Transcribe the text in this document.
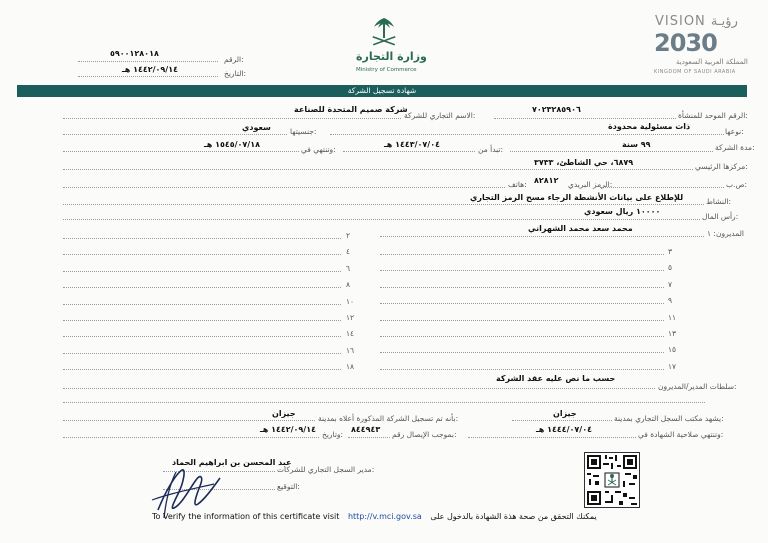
٥٩٠٠١٢٨٠١٨
الرقم:
١٤٤٢/٠٩/١٤ هـ	التاريخ:
وزارة التجارة
Ministry of Commerce
VISION رؤيـة
2030
المملكة العربية السعودية
KINGDOM OF SAUDI ARABIA
شهادة تسجيل الشركة
الرقم الموحد للمنشأة:
٧٠٢٣٢٨٥٩٠٦
الاسم التجاري للشركة:
شركة صميم المتحدة للصناعة
نوعها:
ذات مسئولية محدودة
جنسيتها:
سعودي
مدة الشركة:
٩٩ سنة
تبدأ من:
١٤٤٣/٠٧/٠٤ هـ
وتنتهي في:
١٥٤٥/٠٧/١٨ هـ
مركزها الرئيسي:
٦٨٧٩، حي الشاطئ، ٣٧٣٣
ص.ب:
الرمز البريدي:
٨٢٨١٢
هاتف:
النشاط:
للإطلاع على بيانات الأنشطة الرجاء مسح الرمز التجاري
رأس المال:
١٠٠٠٠ ريال سعودي
المديرون: ١
محمد سعد محمد الشهراني
سلطات المدير/المديرون:
حسب ما نص عليه عقد الشركة
يشهد مكتب السجل التجاري بمدينة:
جيزان
بأنه تم تسجيل الشركة المذكورة أعلاه بمدينة:
جيزان
وتنتهي صلاحية الشهادة في:
١٤٤٤/٠٧/٠٤ هـ
بموجب الإيصال رقم:
٨٤٤٩٤٣
وتاريخ:
١٤٤٢/٠٩/١٤ هـ
مدير السجل التجاري للشركات:
عبد المحسن بن ابراهيم الحماد
التوقيع:
To Verify the information of this certificate visit http://v.mci.gov.sa يمكنك التحقق من صحة هذة الشهادة بالدخول على
٢
٤
٦
٨
١٠
١٢
١٤
١٦
١٨
٣
٥
٧
٩
١١
١٣
١٥
١٧
